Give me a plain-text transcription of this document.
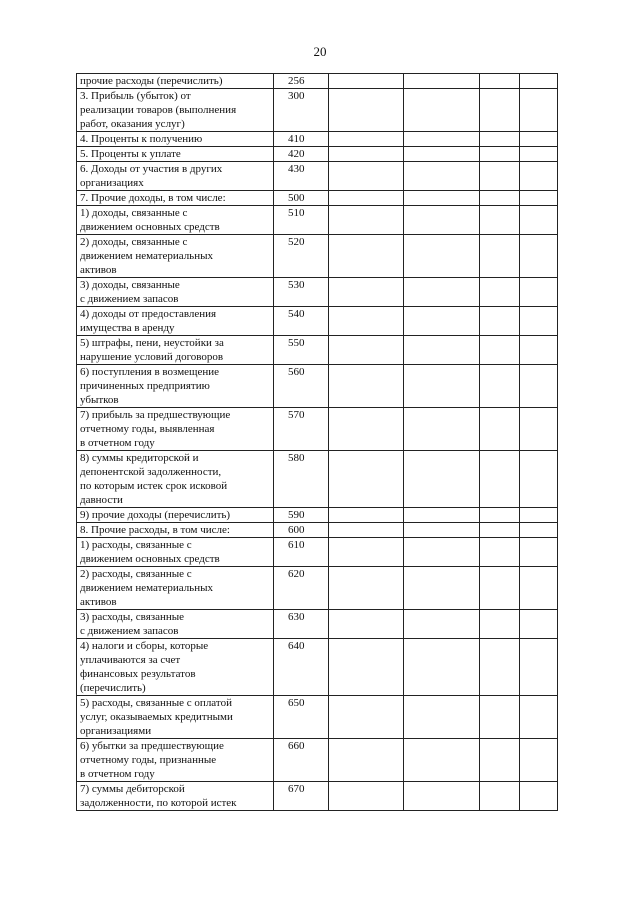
20
прочие расходы (перечислить)	256				
3. Прибыль (убыток) от
реализации товаров (выполнения
работ, оказания услуг)	300				
4. Проценты к получению	410				
5. Проценты к уплате	420				
6. Доходы от участия в других
организациях	430				
7. Прочие доходы, в том числе:	500				
1) доходы, связанные с
движением основных средств	510				
2) доходы, связанные с
движением нематериальных
активов	520				
3) доходы, связанные
с движением запасов	530				
4) доходы от предоставления
имущества в аренду	540				
5) штрафы, пени, неустойки за
нарушение условий договоров	550				
6) поступления в возмещение
причиненных предприятию
убытков	560				
7) прибыль за предшествующие
отчетному годы, выявленная
в отчетном году	570				
8) суммы кредиторской и
депонентской задолженности,
по которым истек срок исковой
давности	580				
9) прочие доходы (перечислить)	590				
8. Прочие расходы, в том числе:	600				
1) расходы, связанные с
движением основных средств	610				
2) расходы, связанные с
движением нематериальных
активов	620				
3) расходы, связанные
с движением запасов	630				
4) налоги и сборы, которые
уплачиваются за счет
финансовых результатов
(перечислить)	640				
5) расходы, связанные с оплатой
услуг, оказываемых кредитными
организациями	650				
6) убытки за предшествующие
отчетному годы, признанные
в отчетном году	660				
7) суммы дебиторской
задолженности, по которой истек	670				
